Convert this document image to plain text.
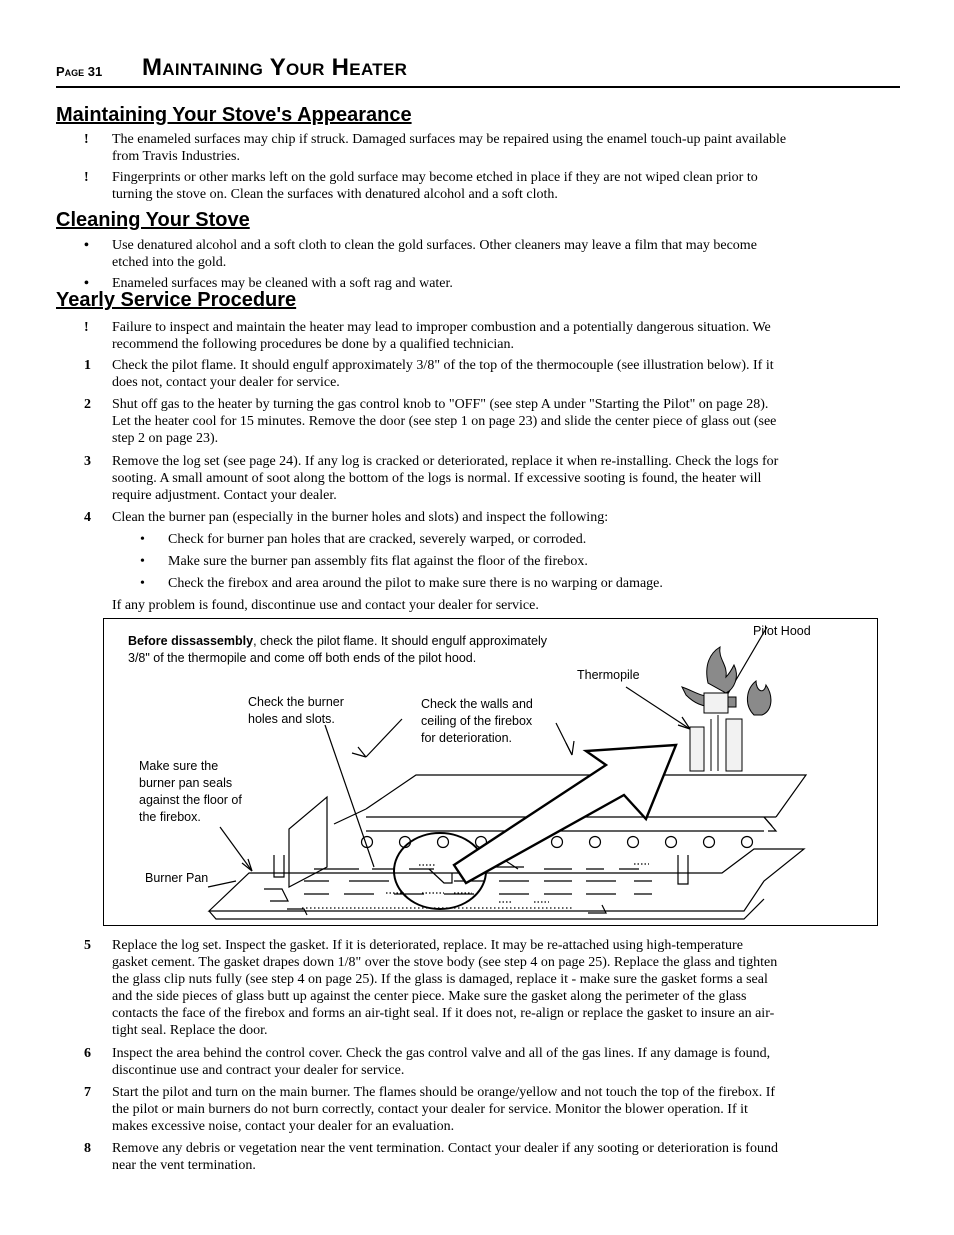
Page 31 Maintaining Your Heater
Maintaining Your Stove's Appearance
!	The enameled surfaces may chip if struck. Damaged surfaces may be repaired using the enamel touch-up paint available
from Travis Industries.
!	Fingerprints or other marks left on the gold surface may become etched in place if they are not wiped clean prior to
turning the stove on. Clean the surfaces with denatured alcohol and a soft cloth.
Cleaning Your Stove
•	Use denatured alcohol and a soft cloth to clean the gold surfaces. Other cleaners may leave a film that may become
etched into the gold.
•	Enameled surfaces may be cleaned with a soft rag and water.
Yearly Service Procedure
!	Failure to inspect and maintain the heater may lead to improper combustion and a potentially dangerous situation. We
recommend the following procedures be done by a qualified technician.
1	Check the pilot flame. It should engulf approximately 3/8" of the top of the thermocouple (see illustration below). If it
does not, contact your dealer for service.
2	Shut off gas to the heater by turning the gas control knob to "OFF" (see step A under "Starting the Pilot" on page 28).
Let the heater cool for 15 minutes. Remove the door (see step 1 on page 23) and slide the center piece of glass out (see
step 2 on page 23).
3	Remove the log set (see page 24). If any log is cracked or deteriorated, replace it when re-installing. Check the logs for
sooting. A small amount of soot along the bottom of the logs is normal. If excessive sooting is found, the heater will
require adjustment. Contact your dealer.
4	Clean the burner pan (especially in the burner holes and slots) and inspect the following:
• Check for burner pan holes that are cracked, severely warped, or corroded.
• Make sure the burner pan assembly fits flat against the floor of the firebox.
• Check the firebox and area around the pilot to make sure there is no warping or damage.
If any problem is found, discontinue use and contact your dealer for service.
Before dissassembly, check the pilot flame. It should engulf approximately
3/8" of the thermopile and come off both ends of the pilot hood.
Pilot Hood
Thermopile
Check the burner
holes and slots.
Check the walls and
ceiling of the firebox
for deterioration.
Make sure the
burner pan seals
against the floor of
the firebox.
Burner Pan
5	Replace the log set. Inspect the gasket. If it is deteriorated, replace. It may be re-attached using high-temperature
gasket cement. The gasket drapes down 1/8" over the stove body (see step 4 on page 25). Replace the glass and tighten
the glass clip nuts fully (see step 4 on page 25). If the glass is damaged, replace it - make sure the gasket forms a seal
and the side pieces of glass butt up against the center piece. Make sure the gasket along the perimeter of the glass
contacts the face of the firebox and forms an air-tight seal. If it does not, re-align or replace the gasket to insure an air-
tight seal. Replace the door.
6	Inspect the area behind the control cover. Check the gas control valve and all of the gas lines. If any damage is found,
discontinue use and contract your dealer for service.
7	Start the pilot and turn on the main burner. The flames should be orange/yellow and not touch the top of the firebox. If
the pilot or main burners do not burn correctly, contact your dealer for service. Monitor the blower operation. If it
makes excessive noise, contact your dealer for an evaluation.
8	Remove any debris or vegetation near the vent termination. Contact your dealer if any sooting or deterioration is found
near the vent termination.
